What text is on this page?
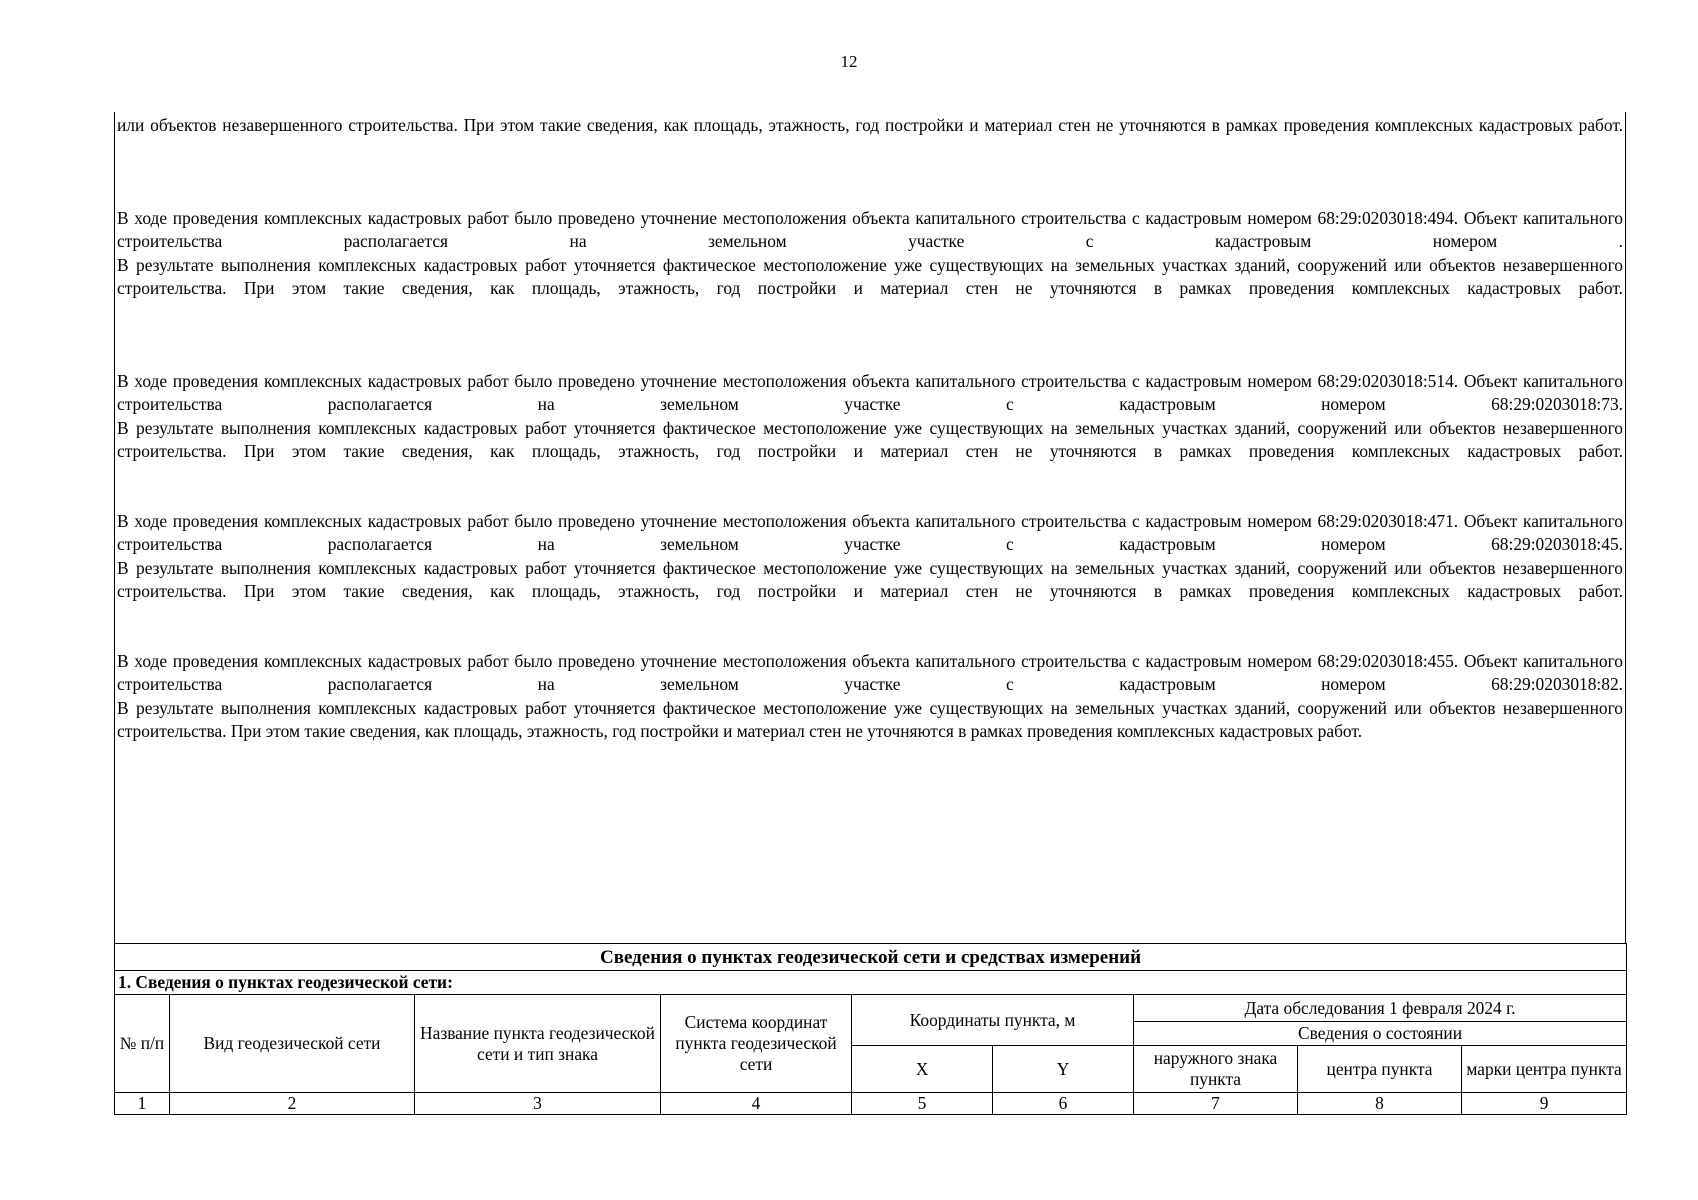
12
или объектов незавершенного строительства. При этом такие сведения, как площадь, этажность, год постройки и материал стен не уточняются в рамках проведения комплексных кадастровых работ.
В ходе проведения комплексных кадастровых работ было проведено уточнение местоположения объекта капитального строительства с кадастровым номером 68:29:0203018:494. Объект капитального строительства располагается на земельном участке с кадастровым номером .
В результате выполнения комплексных кадастровых работ уточняется фактическое местоположение уже существующих на земельных участках зданий, сооружений или объектов незавершенного строительства. При этом такие сведения, как площадь, этажность, год постройки и материал стен не уточняются в рамках проведения комплексных кадастровых работ.
В ходе проведения комплексных кадастровых работ было проведено уточнение местоположения объекта капитального строительства с кадастровым номером 68:29:0203018:514. Объект капитального строительства располагается на земельном участке с кадастровым номером 68:29:0203018:73.
В результате выполнения комплексных кадастровых работ уточняется фактическое местоположение уже существующих на земельных участках зданий, сооружений или объектов незавершенного строительства. При этом такие сведения, как площадь, этажность, год постройки и материал стен не уточняются в рамках проведения комплексных кадастровых работ.
В ходе проведения комплексных кадастровых работ было проведено уточнение местоположения объекта капитального строительства с кадастровым номером 68:29:0203018:471. Объект капитального строительства располагается на земельном участке с кадастровым номером 68:29:0203018:45.
В результате выполнения комплексных кадастровых работ уточняется фактическое местоположение уже существующих на земельных участках зданий, сооружений или объектов незавершенного строительства. При этом такие сведения, как площадь, этажность, год постройки и материал стен не уточняются в рамках проведения комплексных кадастровых работ.
В ходе проведения комплексных кадастровых работ было проведено уточнение местоположения объекта капитального строительства с кадастровым номером 68:29:0203018:455. Объект капитального строительства располагается на земельном участке с кадастровым номером 68:29:0203018:82.
В результате выполнения комплексных кадастровых работ уточняется фактическое местоположение уже существующих на земельных участках зданий, сооружений или объектов незавершенного строительства. При этом такие сведения, как площадь, этажность, год постройки и материал стен не уточняются в рамках проведения комплексных кадастровых работ.
Сведения о пунктах геодезической сети и средствах измерений								
1. Сведения о пунктах геодезической сети:								
№ п/п	Вид геодезической сети	Название пункта геодезической сети и тип знака	Система координат пункта геодезической сети	Координаты пункта, м		Дата обследования 1 февраля 2024 г.		
						Сведения о состоянии		
				X	Y	наружного знака пункта	центра пункта	марки центра пункта
1	2	3	4	5	6	7	8	9
